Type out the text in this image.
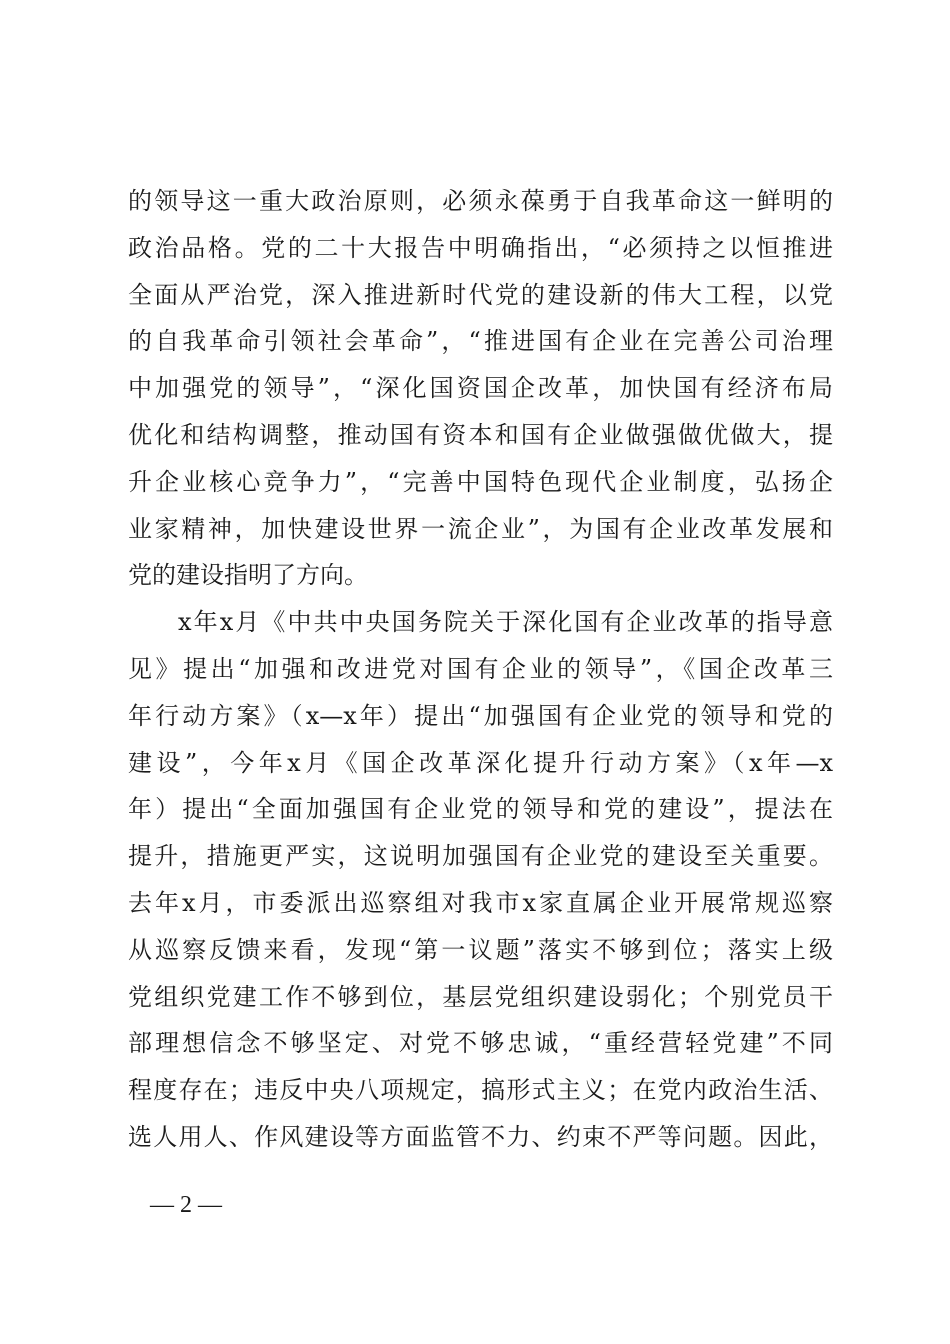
的领导这一重大政治原则，必须永葆勇于自我革命这一鲜明的
政治品格。党的二十大报告中明确指出，“必须持之以恒推进
全面从严治党，深入推进新时代党的建设新的伟大工程，以党
的自我革命引领社会革命”，“推进国有企业在完善公司治理
中加强党的领导”，“深化国资国企改革，加快国有经济布局
优化和结构调整，推动国有资本和国有企业做强做优做大，提
升企业核心竞争力”，“完善中国特色现代企业制度，弘扬企
业家精神，加快建设世界一流企业”，为国有企业改革发展和
党的建设指明了方向。
x年x月《中共中央国务院关于深化国有企业改革的指导意
见》提出“加强和改进党对国有企业的领导”，《国企改革三
年行动方案》（x—x年）提出“加强国有企业党的领导和党的
建设”，今年x月《国企改革深化提升行动方案》（x年—x
年）提出“全面加强国有企业党的领导和党的建设”，提法在
提升，措施更严实，这说明加强国有企业党的建设至关重要。
去年x月，市委派出巡察组对我市x家直属企业开展常规巡察
从巡察反馈来看，发现“第一议题”落实不够到位；落实上级
党组织党建工作不够到位，基层党组织建设弱化；个别党员干
部理想信念不够坚定、对党不够忠诚，“重经营轻党建”不同
程度存在；违反中央八项规定，搞形式主义；在党内政治生活、
选人用人、作风建设等方面监管不力、约束不严等问题。因此，
— 2 —
